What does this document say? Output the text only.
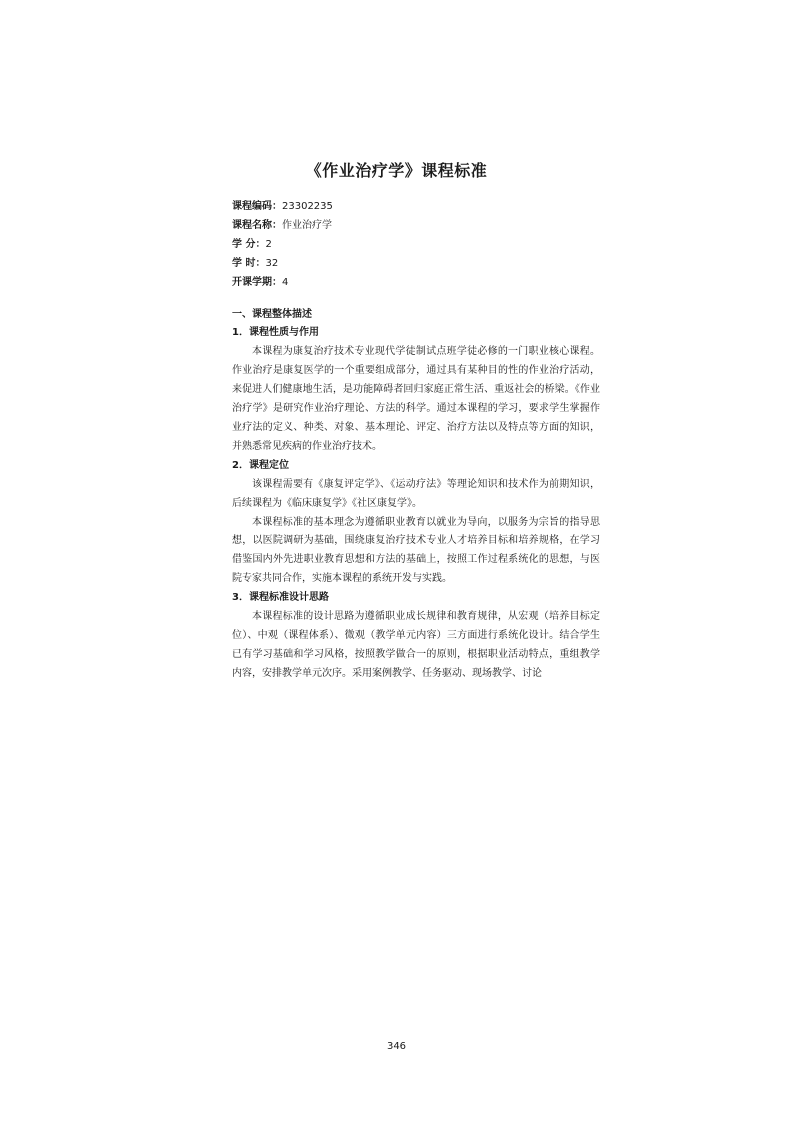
《作业治疗学》课程标准
课程编码：23302235
课程名称：作业治疗学
学 分：2
学 时：32
开课学期：4
一、课程整体描述
1．课程性质与作用

本课程为康复治疗技术专业现代学徒制试点班学徒必修的一门职业核心课程。作业治疗是康复医学的一个重要组成部分，通过具有某种目的性的作业治疗活动，来促进人们健康地生活，是功能障碍者回归家庭正常生活、重返社会的桥梁。《作业治疗学》是研究作业治疗理论、方法的科学。通过本课程的学习，要求学生掌握作业疗法的定义、种类、对象、基本理论、评定、治疗方法以及特点等方面的知识，并熟悉常见疾病的作业治疗技术。

2．课程定位

该课程需要有《康复评定学》、《运动疗法》等理论知识和技术作为前期知识，后续课程为《临床康复学》《社区康复学》。

本课程标准的基本理念为遵循职业教育以就业为导向，以服务为宗旨的指导思想，以医院调研为基础，围绕康复治疗技术专业人才培养目标和培养规格，在学习借鉴国内外先进职业教育思想和方法的基础上，按照工作过程系统化的思想，与医院专家共同合作，实施本课程的系统开发与实践。

3．课程标准设计思路

本课程标准的设计思路为遵循职业成长规律和教育规律，从宏观（培养目标定位）、中观（课程体系）、微观（教学单元内容）三方面进行系统化设计。结合学生已有学习基础和学习风格，按照教学做合一的原则，根据职业活动特点，重组教学内容，安排教学单元次序。采用案例教学、任务驱动、现场教学、讨论

346
